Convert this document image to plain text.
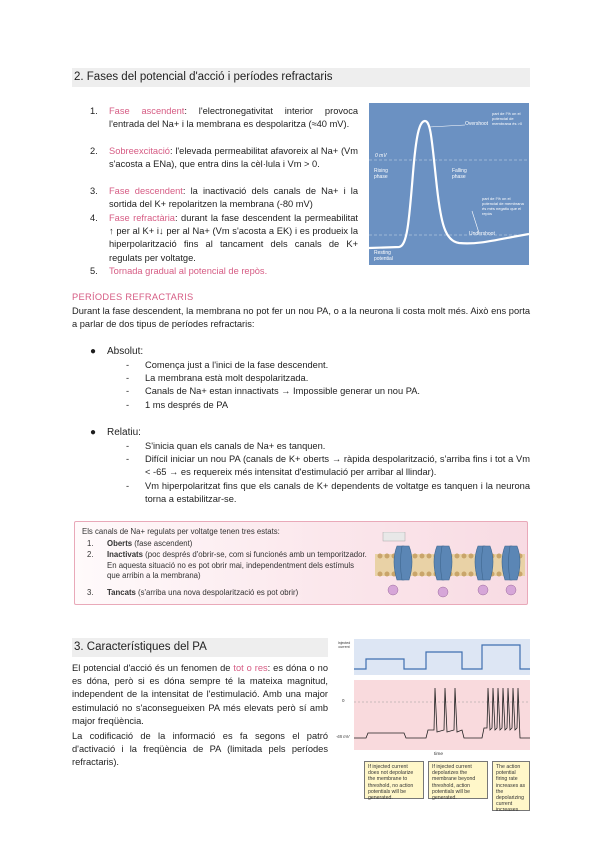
2. Fases del potencial d'acció i períodes refractaris
1.	Fase ascendent: l'electronegativitat interior provoca l'entrada del Na+ i la membrana es despolaritza (≈40 mV).
2.	Sobreexcitació: l'elevada permeabilitat afavoreix al Na+ (Vm s'acosta a ENa), que entra dins la cèl·lula i Vm > 0.
3.	Fase descendent: la inactivació dels canals de Na+ i la sortida del K+ repolaritzen la membrana (-80 mV)
4.	Fase refractària: durant la fase descendent la permeabilitat ↑ per al K+ i↓ per al Na+ (Vm s'acosta a EK) i es produeix la hiperpolarització fins al tancament dels canals de K+ regulats per voltatge.
5.	Tornada gradual al potencial de repòs.
0 mV
Overshoot
part de l'% on el potencial de membrana és >0
Rising phase
Falling phase
Undershoot
part de l'% on el potencial de membrana és més negatiu que el repòs
Resting potential
PERÍODES REFRACTARIS
Durant la fase descendent, la membrana no pot fer un nou PA, o a la neurona li costa molt més. Això ens porta a parlar de dos tipus de períodes refractaris:
● Absolut:
- Comença just a l'inici de la fase descendent.
- La membrana està molt despolaritzada.
- Canals de Na+ estan innactivats → Impossible generar un nou PA.
- 1 ms després de PA
● Relatiu:
- S'inicia quan els canals de Na+ es tanquen.
- Difícil iniciar un nou PA (canals de K+ oberts → ràpida despolarització, s'arriba fins i tot a Vm < -65 → es requereix més intensitat d'estimulació per arribar al llindar).
- Vm hiperpolaritzat fins que els canals de K+ dependents de voltatge es tanquen i la neurona torna a estabilitzar-se.
Els canals de Na+ regulats per voltatge tenen tres estats:
1.	Oberts (fase ascendent)
2.	Inactivats (poc després d'obrir-se, com si funcionés amb un temporitzador. En aquesta situació no es pot obrir mai, independentment dels estímuls que arribin a la membrana)
3.	Tancats (s'arriba una nova despolarització es pot obrir)
3. Característiques del PA
El potencial d'acció és un fenomen de tot o res: es dóna o no es dóna, però si es dóna sempre té la mateixa magnitud, independent de la intensitat de l'estimulació. Amb una major estimulació no s'aconsegueixen PA més elevats però sí amb major freqüència.
La codificació de la informació es fa segons el patró d'activació i la freqüència de PA (limitada pels períodes refractaris).
Injected current
0
-65 mV
time
If injected current does not depolarize the membrane to threshold, no action potentials will be generated.
If injected current depolarizes the membrane beyond threshold, action potentials will be generated.
The action potential firing rate increases as the depolarizing current increases.
